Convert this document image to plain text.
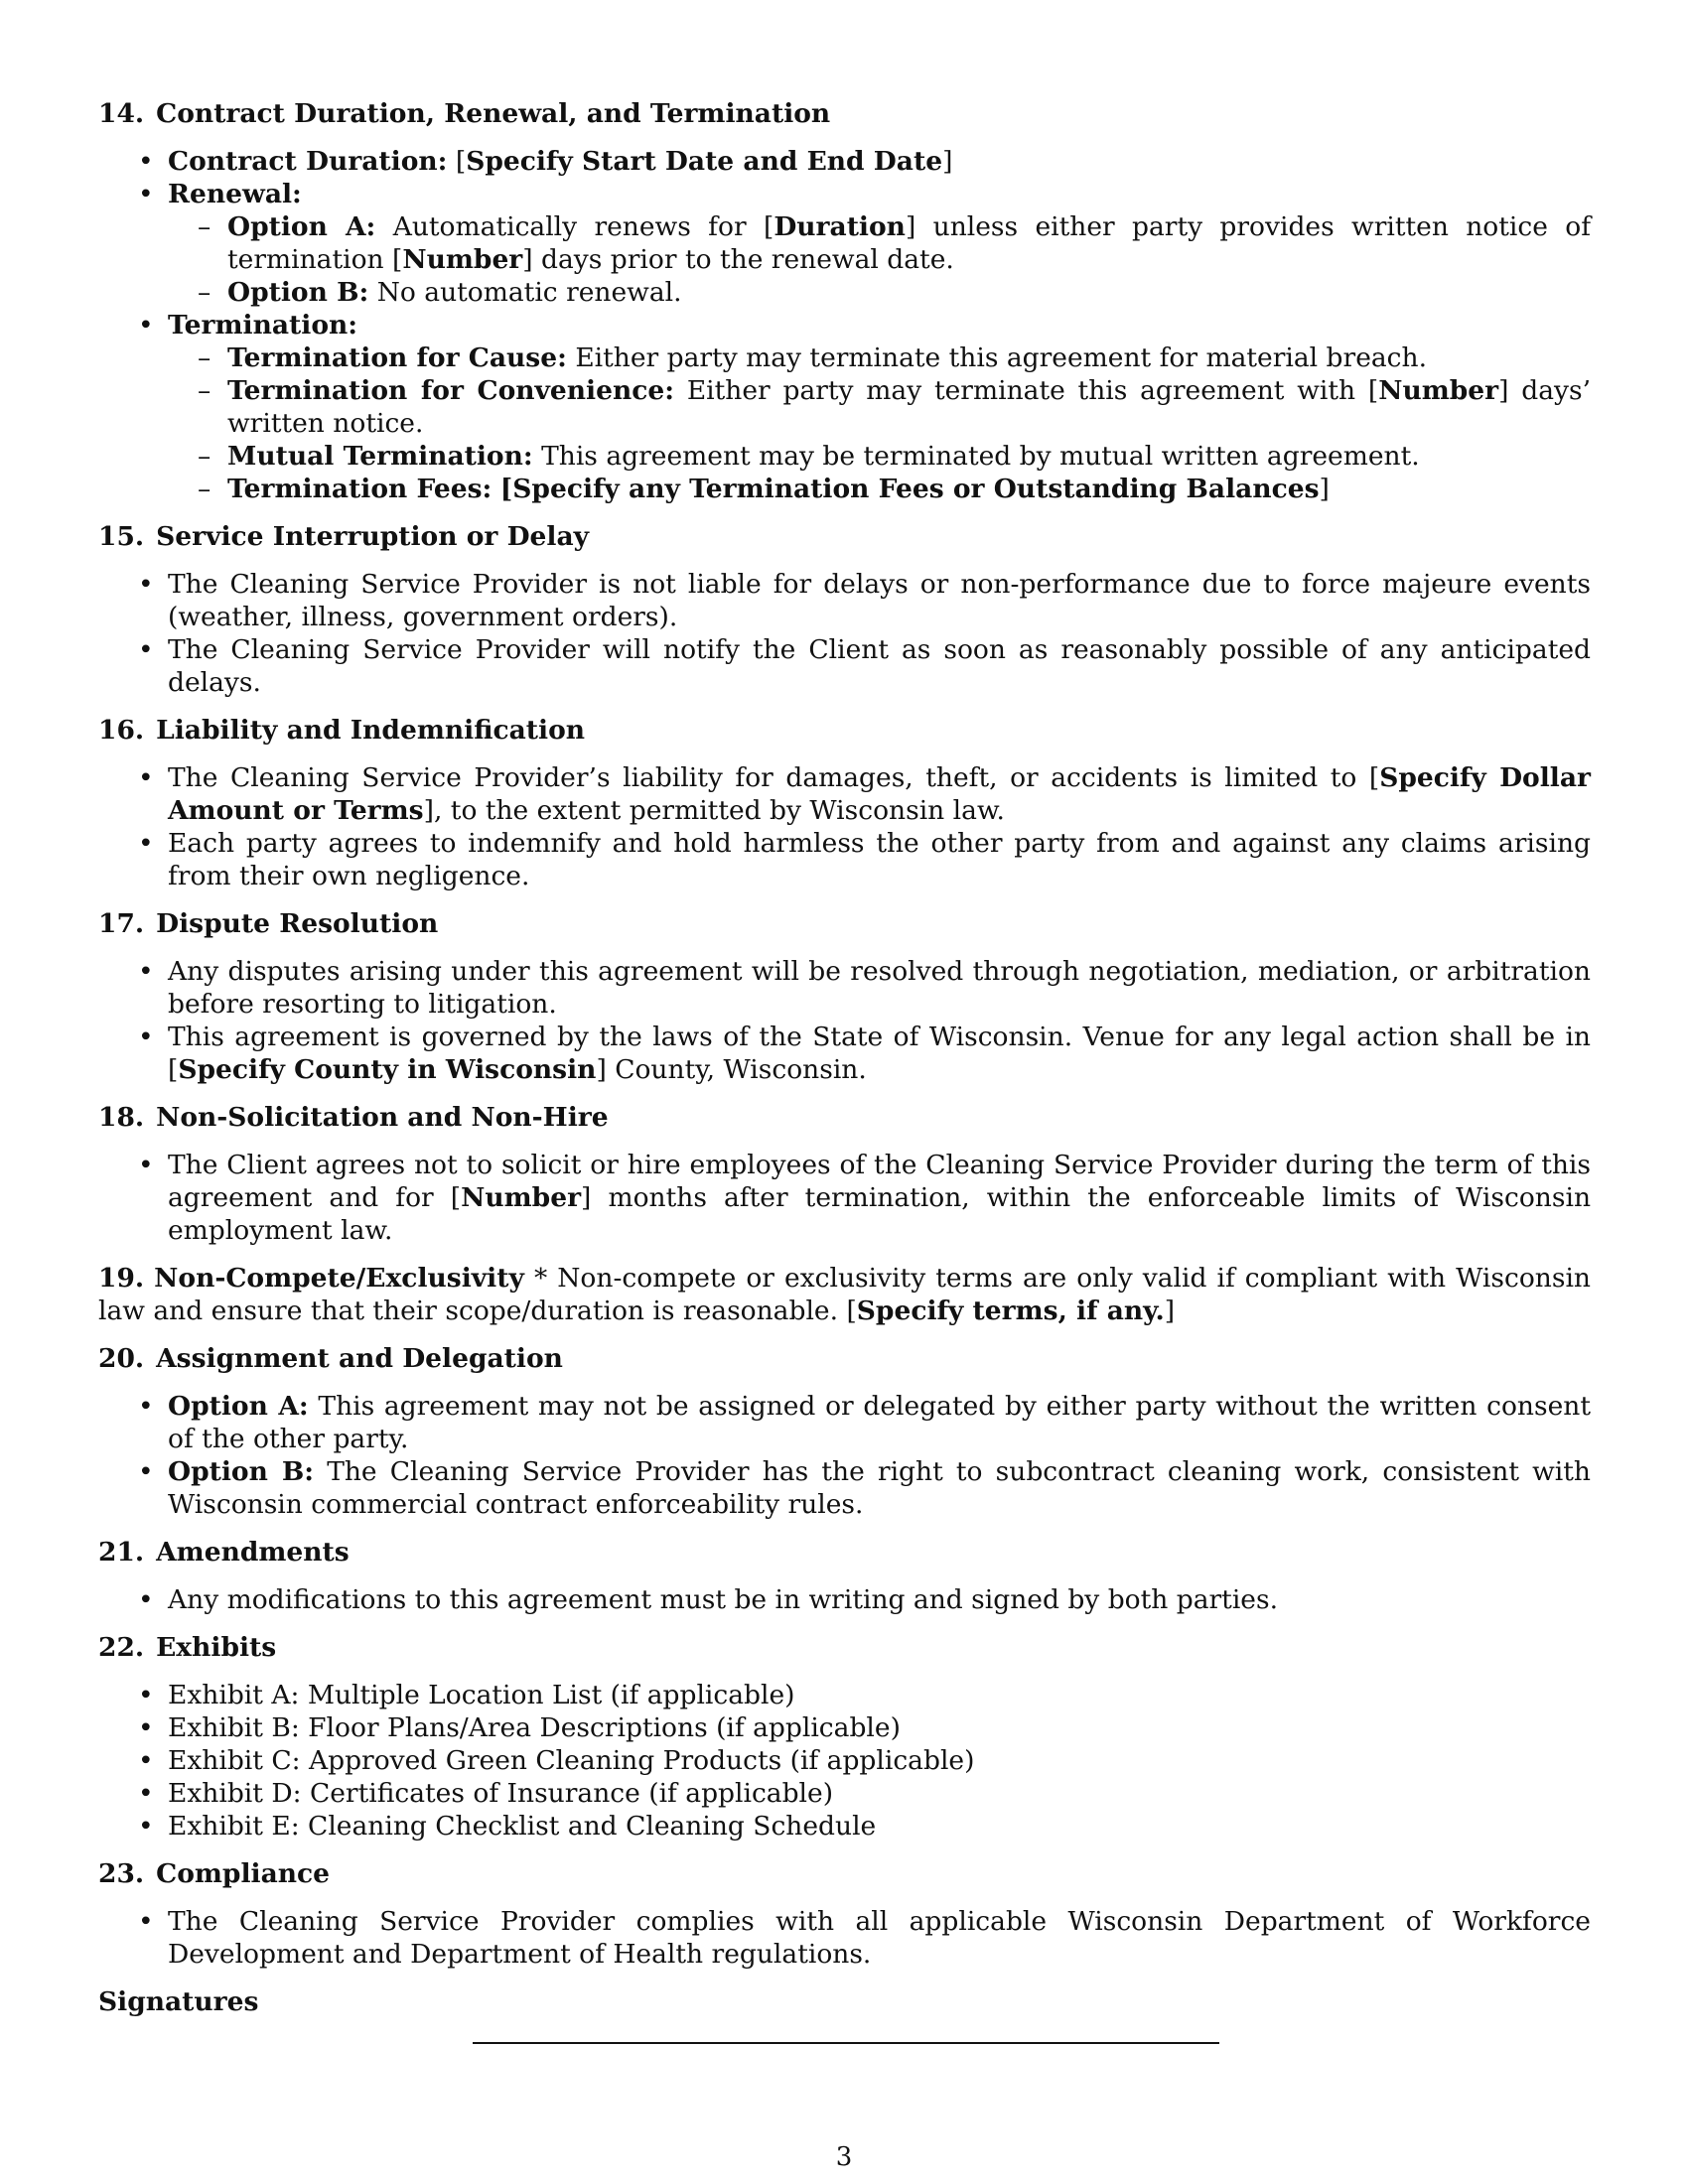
14. Contract Duration, Renewal, and Termination

• Contract Duration: [Specify Start Date and End Date]
• Renewal:
– Option A: Automatically renews for [Duration] unless either party provides written notice of termination [Number] days prior to the renewal date.
– Option B: No automatic renewal.
• Termination:
– Termination for Cause: Either party may terminate this agreement for material breach.
– Termination for Convenience: Either party may terminate this agreement with [Number] days’ written notice.
– Mutual Termination: This agreement may be terminated by mutual written agreement.
– Termination Fees: [Specify any Termination Fees or Outstanding Balances]

15. Service Interruption or Delay

• The Cleaning Service Provider is not liable for delays or non-performance due to force majeure events (weather, illness, government orders).
• The Cleaning Service Provider will notify the Client as soon as reasonably possible of any anticipated delays.

16. Liability and Indemnification

• The Cleaning Service Provider’s liability for damages, theft, or accidents is limited to [Specify Dollar Amount or Terms], to the extent permitted by Wisconsin law.
• Each party agrees to indemnify and hold harmless the other party from and against any claims arising from their own negligence.

17. Dispute Resolution

• Any disputes arising under this agreement will be resolved through negotiation, mediation, or arbitration before resorting to litigation.
• This agreement is governed by the laws of the State of Wisconsin. Venue for any legal action shall be in [Specify County in Wisconsin] County, Wisconsin.

18. Non-Solicitation and Non-Hire

• The Client agrees not to solicit or hire employees of the Cleaning Service Provider during the term of this agreement and for [Number] months after termination, within the enforceable limits of Wisconsin employment law.

19. Non-Compete/Exclusivity * Non-compete or exclusivity terms are only valid if compliant with Wisconsin law and ensure that their scope/duration is reasonable. [Specify terms, if any.]

20. Assignment and Delegation

• Option A: This agreement may not be assigned or delegated by either party without the written consent of the other party.
• Option B: The Cleaning Service Provider has the right to subcontract cleaning work, consistent with Wisconsin commercial contract enforceability rules.

21. Amendments

• Any modifications to this agreement must be in writing and signed by both parties.

22. Exhibits

• Exhibit A: Multiple Location List (if applicable)
• Exhibit B: Floor Plans/Area Descriptions (if applicable)
• Exhibit C: Approved Green Cleaning Products (if applicable)
• Exhibit D: Certificates of Insurance (if applicable)
• Exhibit E: Cleaning Checklist and Cleaning Schedule

23. Compliance

• The Cleaning Service Provider complies with all applicable Wisconsin Department of Workforce Development and Department of Health regulations.

Signatures

3
